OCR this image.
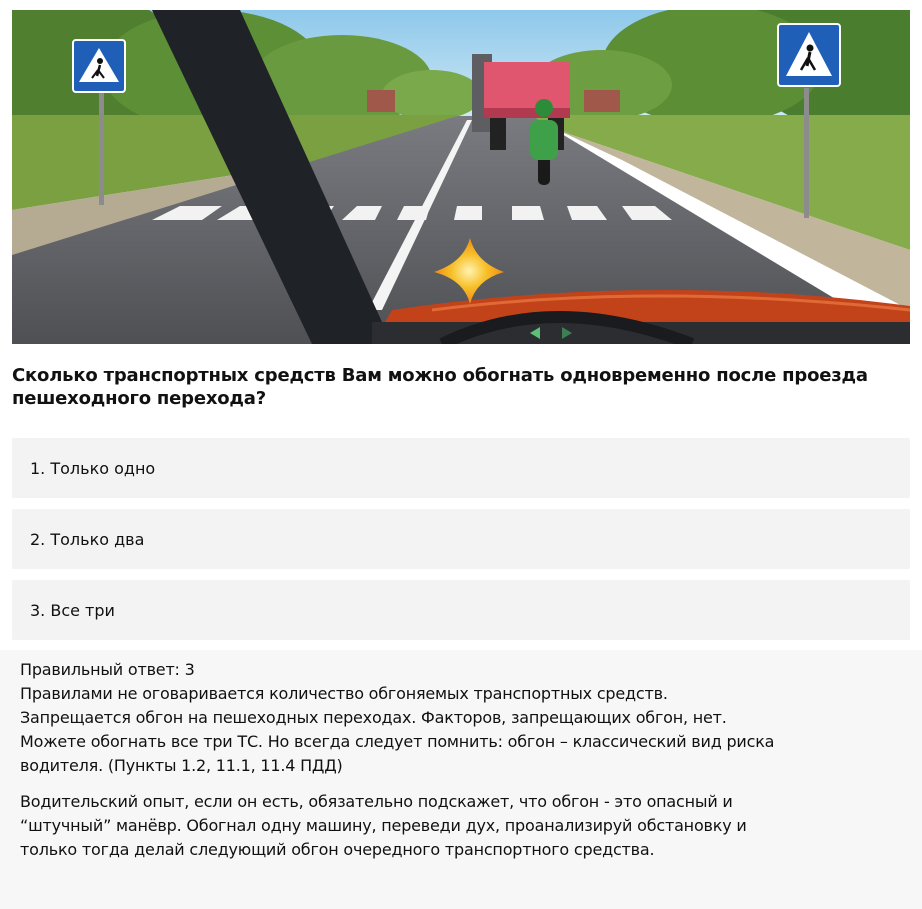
Сколько транспортных средств Вам можно обогнать одновременно после проезда пешеходного перехода?
1. Только одно
2. Только два
3. Все три

Правильный ответ: 3

Правилами не оговаривается количество обгоняемых транспортных средств.

Запрещается обгон на пешеходных переходах. Факторов, запрещающих обгон, нет.

Можете обогнать все три ТС. Но всегда следует помнить: обгон – классический вид риска

водителя. (Пункты 1.2, 11.1, 11.4 ПДД)

Водительский опыт, если он есть, обязательно подскажет, что обгон - это опасный и

“штучный” манёвр. Обогнал одну машину, переведи дух, проанализируй обстановку и

только тогда делай следующий обгон очередного транспортного средства.
